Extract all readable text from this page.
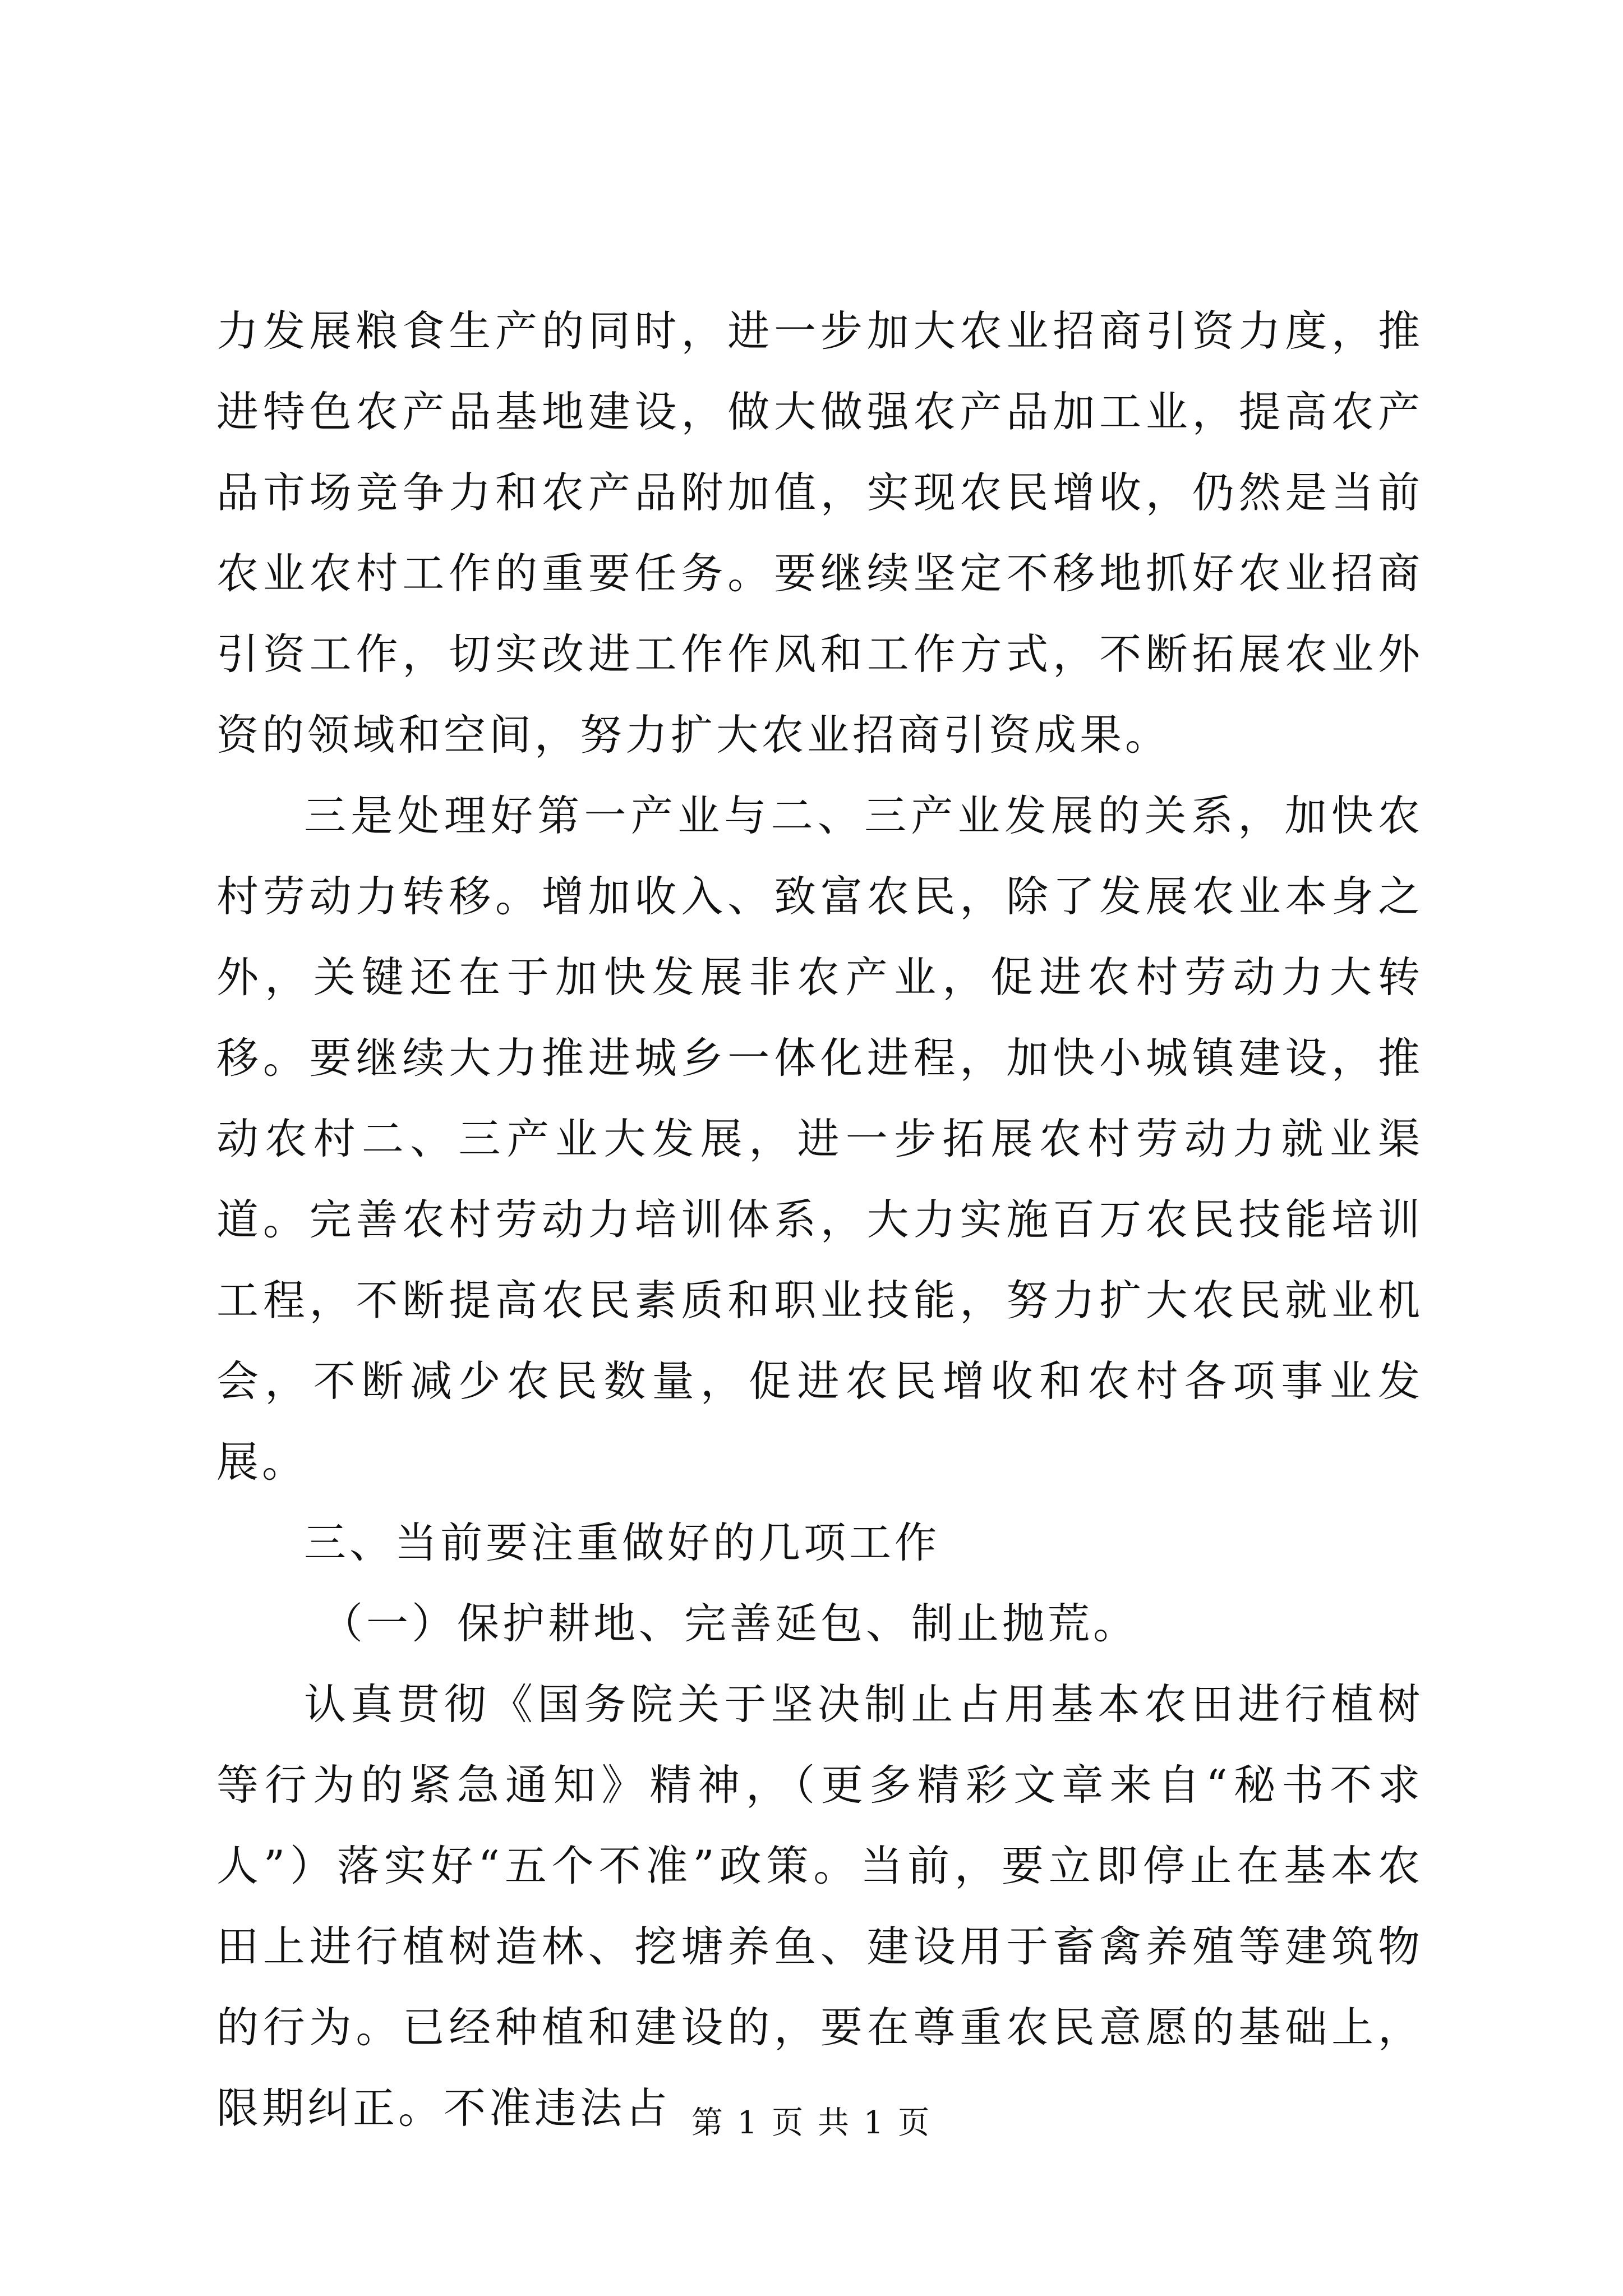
力发展粮食生产的同时，进一步加大农业招商引资力度，推进特色农产品基地建设，做大做强农产品加工业，提高农产品市场竞争力和农产品附加值，实现农民增收，仍然是当前农业农村工作的重要任务。要继续坚定不移地抓好农业招商引资工作，切实改进工作作风和工作方式，不断拓展农业外资的领域和空间，努力扩大农业招商引资成果。

三是处理好第一产业与二、三产业发展的关系，加快农村劳动力转移。增加收入、致富农民，除了发展农业本身之外，关键还在于加快发展非农产业，促进农村劳动力大转移。要继续大力推进城乡一体化进程，加快小城镇建设，推动农村二、三产业大发展，进一步拓展农村劳动力就业渠道。完善农村劳动力培训体系，大力实施百万农民技能培训工程，不断提高农民素质和职业技能，努力扩大农民就业机会，不断减少农民数量，促进农民增收和农村各项事业发展。

三、当前要注重做好的几项工作

（一）保护耕地、完善延包、制止抛荒。

认真贯彻《国务院关于坚决制止占用基本农田进行植树等行为的紧急通知》精神，（更多精彩文章来自“秘书不求人”）落实好“五个不准”政策。当前，要立即停止在基本农田上进行植树造林、挖塘养鱼、建设用于畜禽养殖等建筑物的行为。已经种植和建设的，要在尊重农民意愿的基础上，限期纠正。不准违法占 第 1 页 共 1 页
